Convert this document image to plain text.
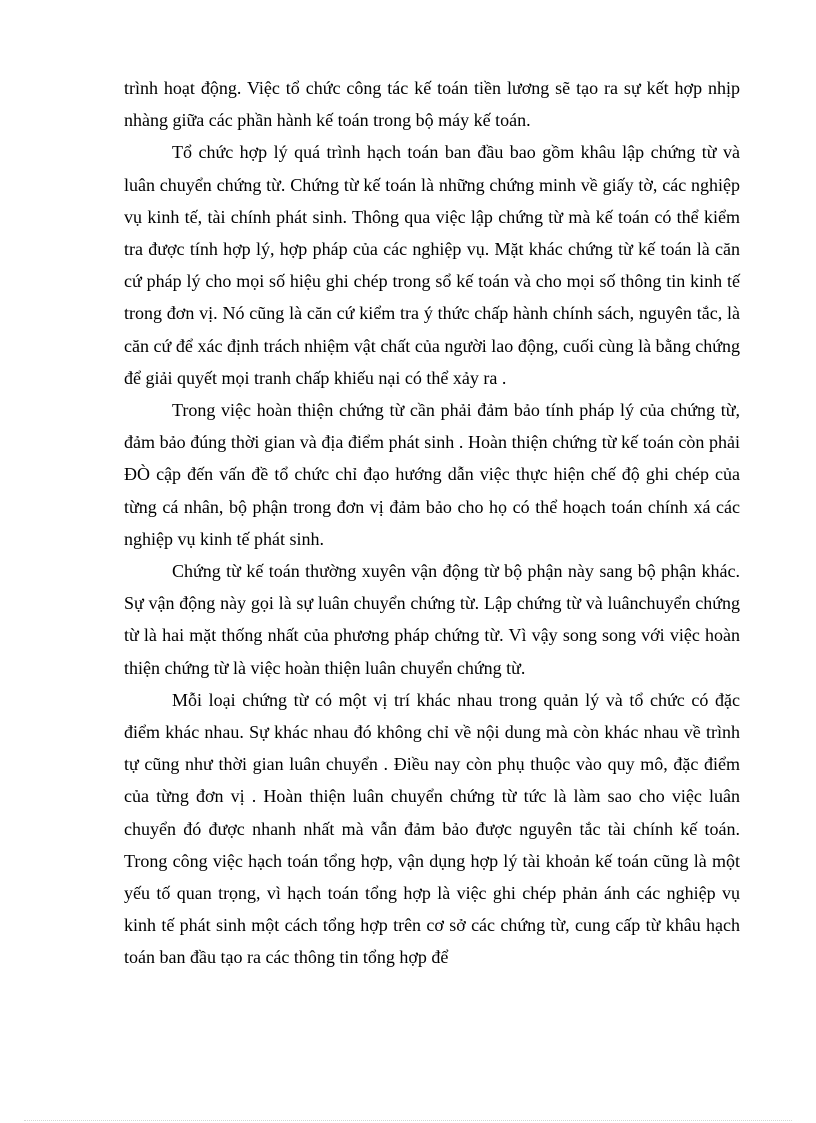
trình hoạt động. Việc tổ chức công tác kế toán tiền lương sẽ tạo ra sự kết hợp nhịp nhàng giữa các phần hành kế toán trong bộ máy kế toán.

Tổ chức hợp lý quá trình hạch toán ban đầu bao gồm khâu lập chứng từ và luân chuyển chứng từ. Chứng từ kế toán là những chứng minh về giấy tờ, các nghiệp vụ kinh tế, tài chính phát sinh. Thông qua việc lập chứng từ mà kế toán có thể kiểm tra được tính hợp lý, hợp pháp của các nghiệp vụ. Mặt khác chứng từ kế toán là căn cứ pháp lý cho mọi số hiệu ghi chép trong sổ kế toán và cho mọi số thông tin kinh tế trong đơn vị. Nó cũng là căn cứ kiểm tra ý thức chấp hành chính sách, nguyên tắc, là căn cứ để xác định trách nhiệm vật chất của người lao động, cuối cùng là bằng chứng để giải quyết mọi tranh chấp khiếu nại có thể xảy ra .

Trong việc hoàn thiện chứng từ cần phải đảm bảo tính pháp lý của chứng từ, đảm bảo đúng thời gian và địa điểm phát sinh . Hoàn thiện chứng từ kế toán còn phải ĐÒ cập đến vấn đề tổ chức chỉ đạo hướng dẫn việc thực hiện chế độ ghi chép của từng cá nhân, bộ phận trong đơn vị đảm bảo cho họ có thể hoạch toán chính xá các nghiệp vụ kinh tế phát sinh.

Chứng từ kế toán thường xuyên vận động từ bộ phận này sang bộ phận khác. Sự vận động này gọi là sự luân chuyển chứng từ. Lập chứng từ và luânchuyển chứng từ là hai mặt thống nhất của phương pháp chứng từ. Vì vậy song song với việc hoàn thiện chứng từ là việc hoàn thiện luân chuyển chứng từ.

Mỗi loại chứng từ có một vị trí khác nhau trong quản lý và tổ chức có đặc điểm khác nhau. Sự khác nhau đó không chỉ về nội dung mà còn khác nhau về trình tự cũng như thời gian luân chuyển . Điều nay còn phụ thuộc vào quy mô, đặc điểm của từng đơn vị . Hoàn thiện luân chuyển chứng từ tức là làm sao cho việc luân chuyển đó được nhanh nhất mà vẫn đảm bảo được nguyên tắc tài chính kế toán. Trong công việc hạch toán tổng hợp, vận dụng hợp lý tài khoản kế toán cũng là một yếu tố quan trọng, vì hạch toán tổng hợp là việc ghi chép phản ánh các nghiệp vụ kinh tế phát sinh một cách tổng hợp trên cơ sở các chứng từ, cung cấp từ khâu hạch toán ban đầu tạo ra các thông tin tổng hợp để
